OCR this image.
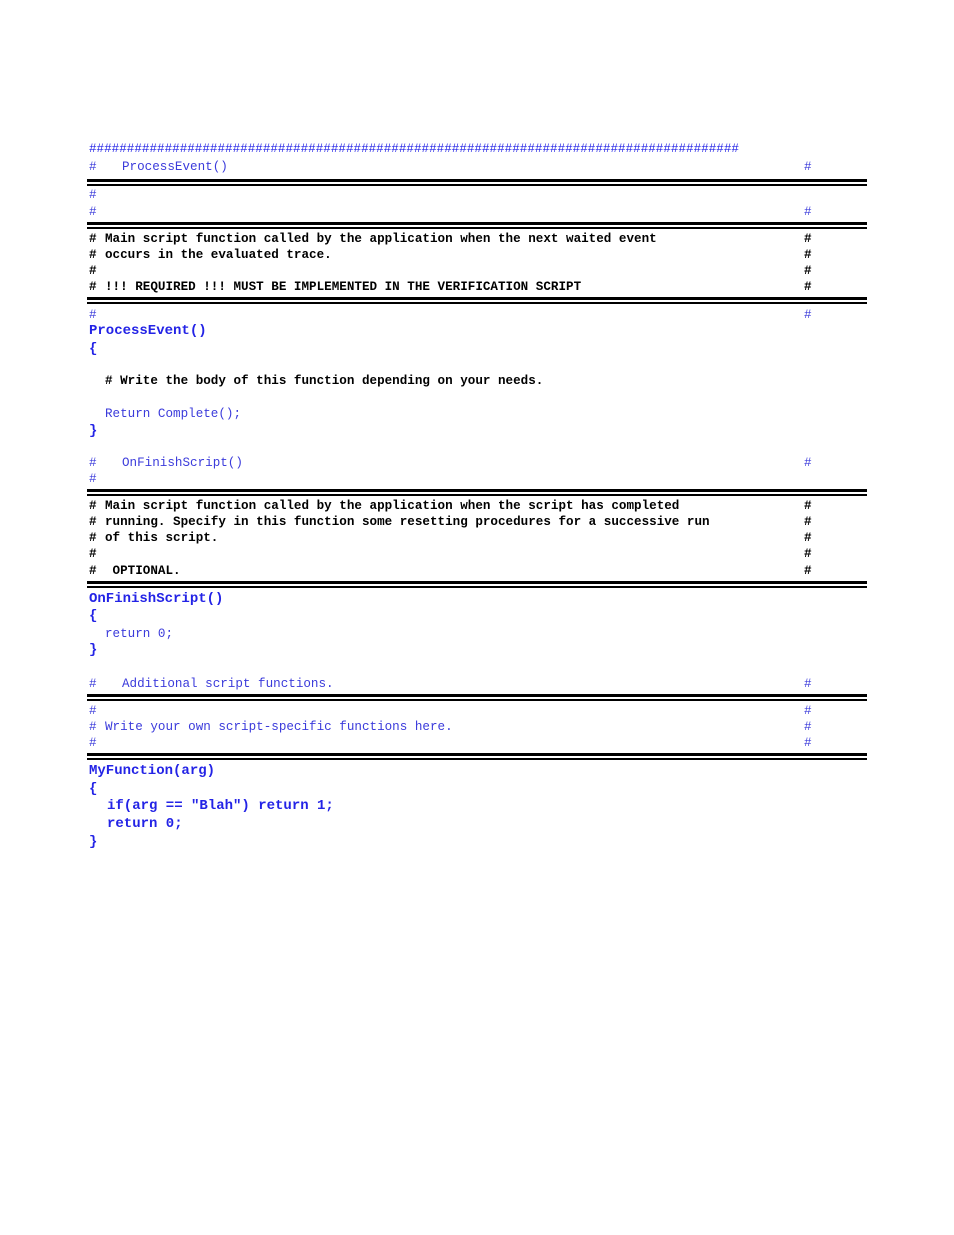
######################################################################################
# ProcessEvent()	#
#
#	#
# Main script function called by the application when the next waited event	#
# occurs in the evaluated trace.	#
#	#
# !!! REQUIRED !!! MUST BE IMPLEMENTED IN THE VERIFICATION SCRIPT	#
#	#
ProcessEvent()
{
# Write the body of this function depending on your needs.
Return Complete();
}
# OnFinishScript()	#
#
# Main script function called by the application when the script has completed	#
# running. Specify in this function some resetting procedures for a successive run	#
# of this script.	#
#	#
# OPTIONAL.	#
OnFinishScript()
{
return 0;
}
# Additional script functions.	#
#	#
# Write your own script-specific functions here.	#
#	#
MyFunction(arg)
{
if(arg == "Blah") return 1;
return 0;
}
